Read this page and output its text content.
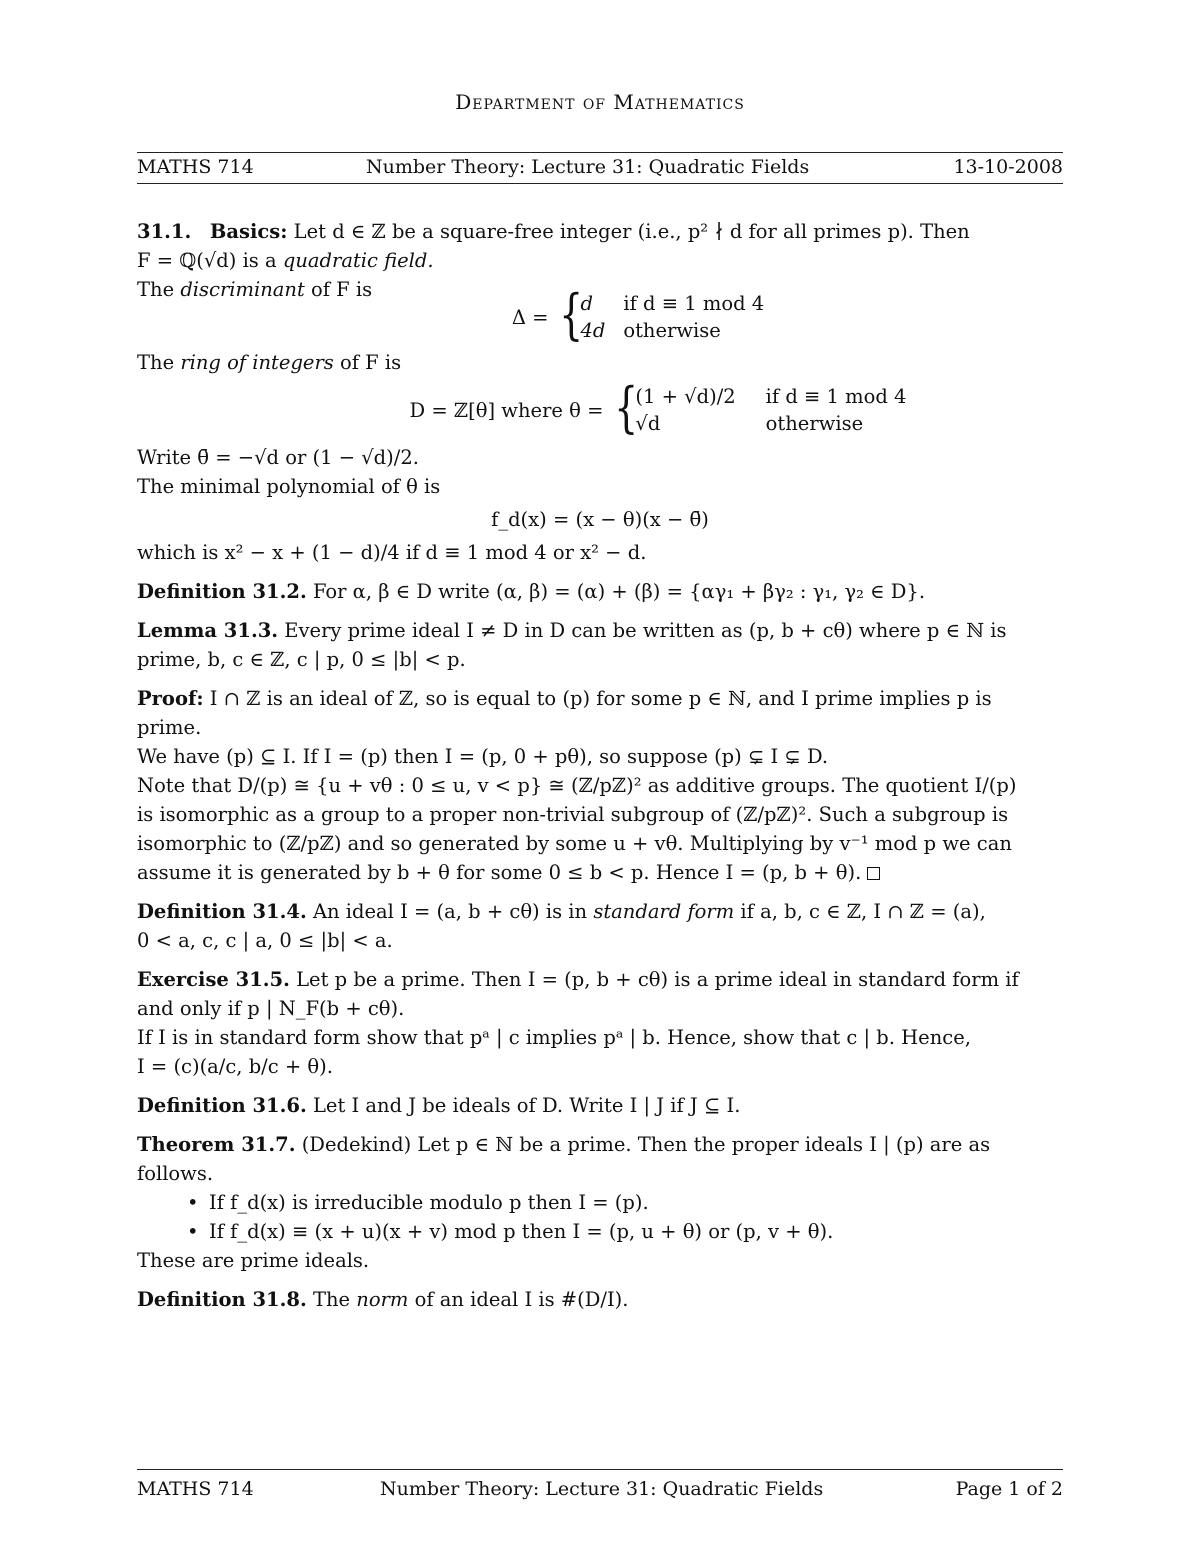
Department of Mathematics
MATHS 714	Number Theory: Lecture 31: Quadratic Fields	13-10-2008

31.1. Basics: Let d ∈ ℤ be a square-free integer (i.e., p² ∤ d for all primes p). Then

F = ℚ(√d) is a quadratic field.

The discriminant of F is

Δ = {
d	if d ≡ 1 mod 4
4d	otherwise

The ring of integers of F is

D = ℤ[θ] where θ = {
(1 + √d)/2	if d ≡ 1 mod 4
√d	otherwise

Write θ̄ = −√d or (1 − √d)/2.

The minimal polynomial of θ is

f_d(x) = (x − θ)(x − θ̄)

which is x² − x + (1 − d)/4 if d ≡ 1 mod 4 or x² − d.

Definition 31.2. For α, β ∈ D write (α, β) = (α) + (β) = {αγ₁ + βγ₂ : γ₁, γ₂ ∈ D}.

Lemma 31.3. Every prime ideal I ≠ D in D can be written as (p, b + cθ) where p ∈ ℕ is

prime, b, c ∈ ℤ, c | p, 0 ≤ |b| < p.

Proof: I ∩ ℤ is an ideal of ℤ, so is equal to (p) for some p ∈ ℕ, and I prime implies p is

prime.

We have (p) ⊆ I. If I = (p) then I = (p, 0 + pθ), so suppose (p) ⊊ I ⊊ D.

Note that D/(p) ≅ {u + vθ : 0 ≤ u, v < p} ≅ (ℤ/pℤ)² as additive groups. The quotient I/(p)

is isomorphic as a group to a proper non-trivial subgroup of (ℤ/pℤ)². Such a subgroup is

isomorphic to (ℤ/pℤ) and so generated by some u + vθ. Multiplying by v⁻¹ mod p we can

assume it is generated by b + θ for some 0 ≤ b < p. Hence I = (p, b + θ).

Definition 31.4. An ideal I = (a, b + cθ) is in standard form if a, b, c ∈ ℤ, I ∩ ℤ = (a),

0 < a, c, c | a, 0 ≤ |b| < a.

Exercise 31.5. Let p be a prime. Then I = (p, b + cθ) is a prime ideal in standard form if

and only if p | N_F(b + cθ).

If I is in standard form show that pᵃ | c implies pᵃ | b. Hence, show that c | b. Hence,

I = (c)(a/c, b/c + θ).

Definition 31.6. Let I and J be ideals of D. Write I | J if J ⊆ I.

Theorem 31.7. (Dedekind) Let p ∈ ℕ be a prime. Then the proper ideals I | (p) are as

follows.

• If f_d(x) is irreducible modulo p then I = (p).

• If f_d(x) ≡ (x + u)(x + v) mod p then I = (p, u + θ) or (p, v + θ).

These are prime ideals.

Definition 31.8. The norm of an ideal I is #(D/I).

MATHS 714	Number Theory: Lecture 31: Quadratic Fields	Page 1 of 2
